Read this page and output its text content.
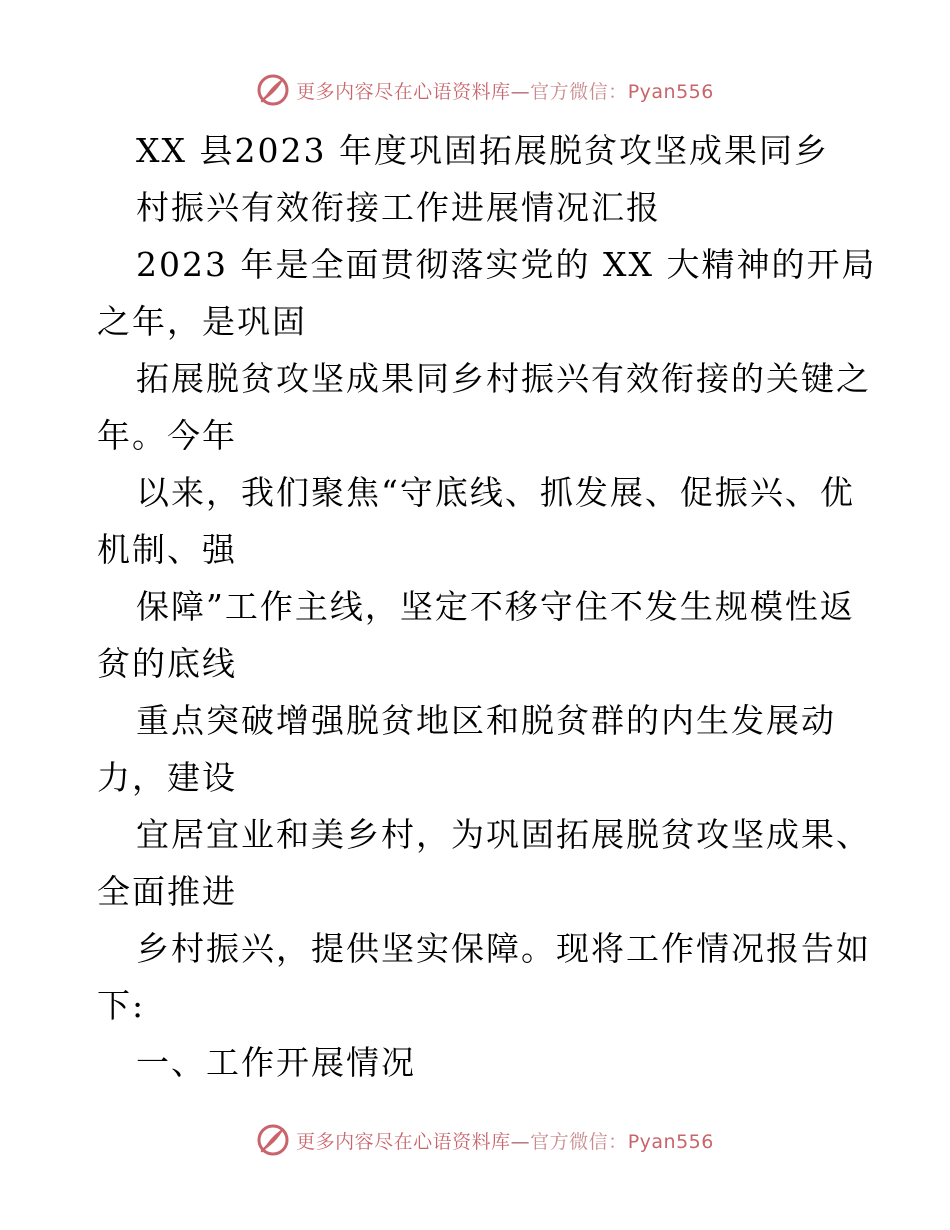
更多内容尽在心语资料库—官方微信：Pyan556
XX 县2023 年度巩固拓展脱贫攻坚成果同乡
村振兴有效衔接工作进展情况汇报
2023 年是全面贯彻落实党的 XX 大精神的开局
之年，是巩固
拓展脱贫攻坚成果同乡村振兴有效衔接的关键之
年。今年
以来，我们聚焦“守底线、抓发展、促振兴、优
机制、强
保障”工作主线，坚定不移守住不发生规模性返
贫的底线
重点突破增强脱贫地区和脱贫群的内生发展动
力，建设
宜居宜业和美乡村，为巩固拓展脱贫攻坚成果、
全面推进
乡村振兴，提供坚实保障。现将工作情况报告如
下:
一、工作开展情况
更多内容尽在心语资料库—官方微信：Pyan556
